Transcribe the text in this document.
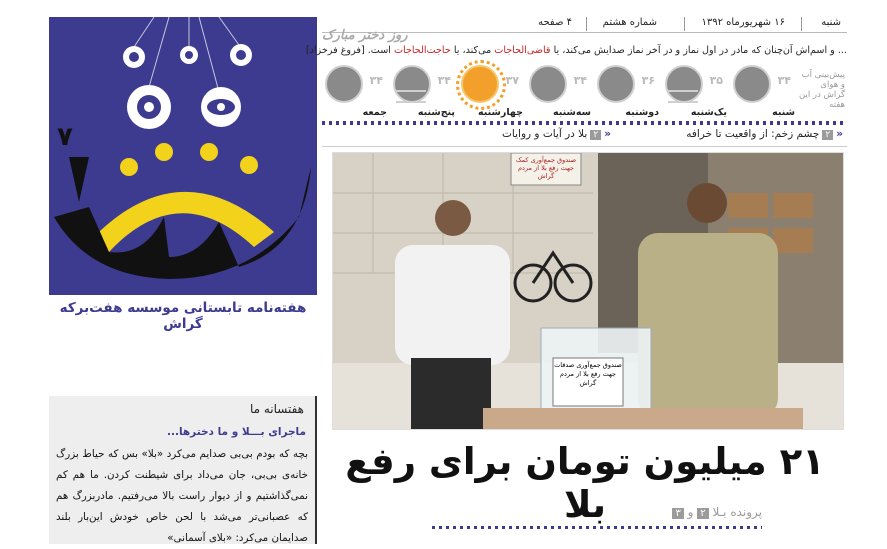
۷
هفته‌نامه تابستانی موسسه هفت‌برکه گراش
هفتسانه ما
ماجرای بـــلا و ما دخترها...
بچه که بودم بی‌بی صدایم می‌کرد «بلا» بس که حیاط بزرگ خانه‌ی بی‌بی، جان می‌داد برای شیطنت کردن. ما هم کم نمی‌گذاشتیم و از دیوار راست بالا می‌رفتیم. مادربزرگ هم که عصبانی‌تر می‌شد با لحن خاص خودش این‌بار بلند صدایمان می‌کرد: «بلای آسمانی»
شنبه
۱۶ شهریورماه ۱۳۹۲
شماره هشتم
۴ صفحه
روز دختر مبارک
... و اسم‌اش آن‌چنان که مادر در اول نماز و در آخر نماز صدایش می‌کند، یا قاضی‌الحاجات می‌کند، یا حاجت‌الحاجات است. [فروغ فرخزاد]
پیش‌بینی آب و هوای گراش در این هفته
۳۴
شنبه
۳۵
یک‌شنبه
۳۶
دوشنبه
۳۴
سه‌شنبه
۳۷
چهارشنبه
۳۴
پنج‌شنبه
۳۴
جمعه
«۲چشم زخم: از واقعیت تا خرافه
«۲بلا در آیات و روایات
صندوق جمع‌آوری کمک جهت رفع بلا از مردم گراش
صندوق جمع‌آوری صدقات جهت رفع بلا از مردم گراش
۲۱ میلیون تومان برای رفع بلا	پرونده بـلا ۲ و ۳
